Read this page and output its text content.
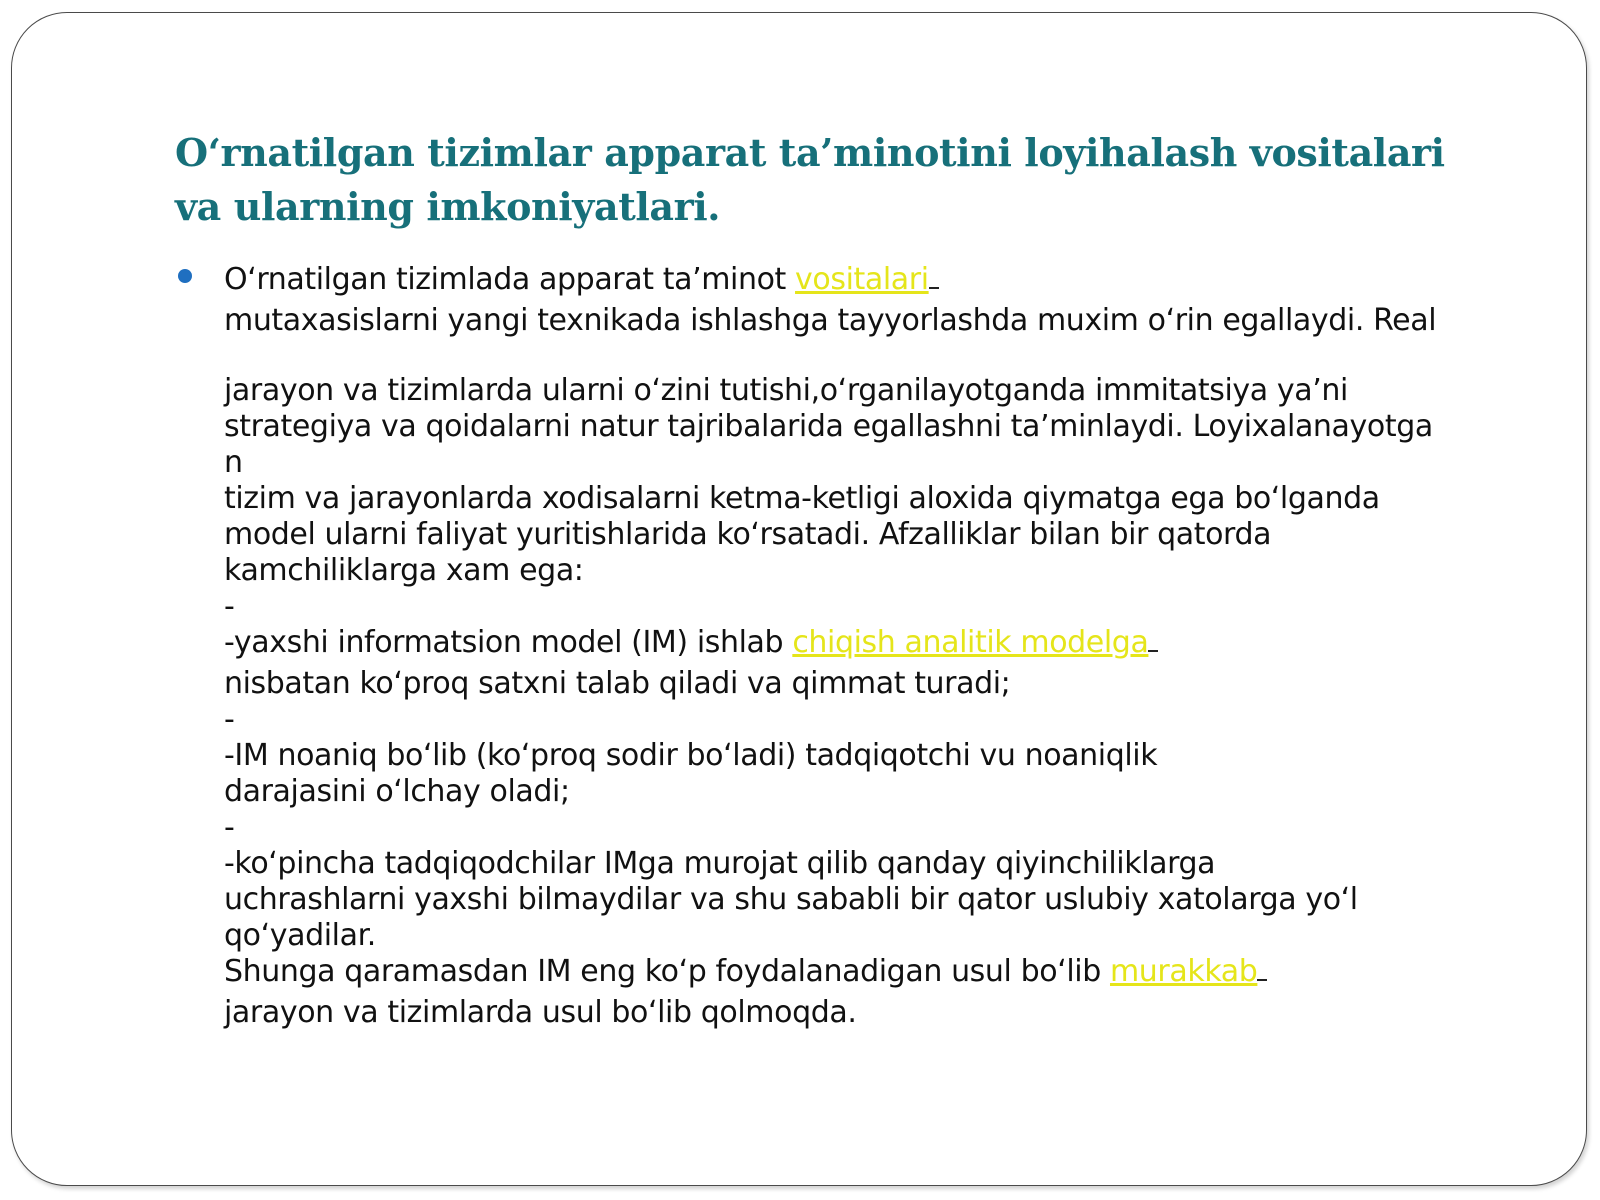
O‘rnatilgan tizimlar apparat ta’minotini loyihalash vositalari va ularning imkoniyatlari.
O‘rnatilgan tizimlada apparat ta’minot vositalari
mutaxasislarni yangi texnikada ishlashga tayyorlashda muxim o‘rin egallaydi. Real
jarayon va tizimlarda ularni o‘zini tutishi,o‘rganilayotganda immitatsiya ya’ni
strategiya va qoidalarni natur tajribalarida egallashni ta’minlaydi. Loyixalanayotga
n
tizim va jarayonlarda xodisalarni ketma-ketligi aloxida qiymatga ega bo‘lganda
model ularni faliyat yuritishlarida ko‘rsatadi. Afzalliklar bilan bir qatorda
kamchiliklarga xam ega:
-
-yaxshi informatsion model (IM) ishlab chiqish analitik modelga
nisbatan ko‘proq satxni talab qiladi va qimmat turadi;
-
-IM noaniq bo‘lib (ko‘proq sodir bo‘ladi) tadqiqotchi vu noaniqlik
darajasini o‘lchay oladi;
-
-ko‘pincha tadqiqodchilar IMga murojat qilib qanday qiyinchiliklarga
uchrashlarni yaxshi bilmaydilar va shu sababli bir qator uslubiy xatolarga yo‘l
qo‘yadilar.
Shunga qaramasdan IM eng ko‘p foydalanadigan usul bo‘lib murakkab
jarayon va tizimlarda usul bo‘lib qolmoqda.
